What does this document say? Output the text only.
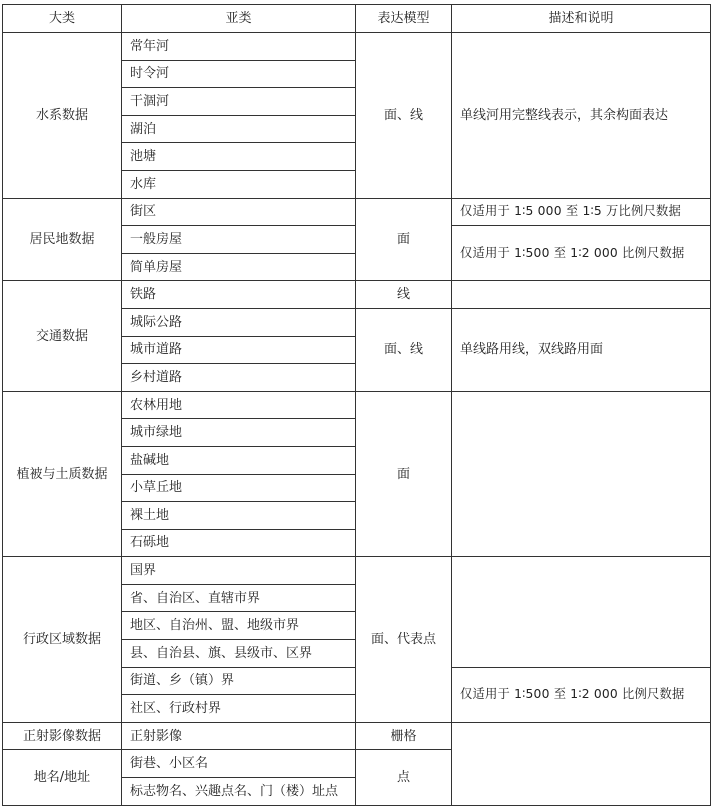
大类	亚类	表达模型	描述和说明
水系数据	常年河	面、线	单线河用完整线表示，其余构面表达
	时令河		
	干涸河		
	湖泊		
	池塘		
	水库		
居民地数据	街区	面	仅适用于 1∶5 000 至 1∶5 万比例尺数据
	一般房屋		仅适用于 1∶500 至 1∶2 000 比例尺数据
	简单房屋		
交通数据	铁路	线	
	城际公路	面、线	单线路用线，双线路用面
	城市道路		
	乡村道路		
植被与土质数据	农林用地	面	
	城市绿地		
	盐碱地		
	小草丘地		
	裸土地		
	石砾地		
行政区域数据	国界	面、代表点	
	省、自治区、直辖市界		
	地区、自治州、盟、地级市界		
	县、自治县、旗、县级市、区界		
	街道、乡（镇）界		仅适用于 1∶500 至 1∶2 000 比例尺数据
	社区、行政村界		
正射影像数据	正射影像	栅格	
地名/地址	街巷、小区名	点	
	标志物名、兴趣点名、门（楼）址点		
